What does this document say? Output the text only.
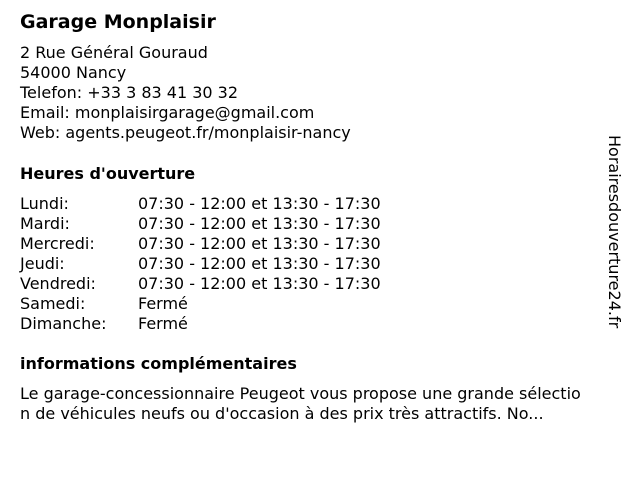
Garage Monplaisir
2 Rue Général Gouraud
54000 Nancy
Telefon: +33 3 83 41 30 32
Email: monplaisirgarage@gmail.com
Web: agents.peugeot.fr/monplaisir-nancy
Heures d'ouverture
Lundi:	07:30 - 12:00 et 13:30 - 17:30
Mardi:	07:30 - 12:00 et 13:30 - 17:30
Mercredi:	07:30 - 12:00 et 13:30 - 17:30
Jeudi:	07:30 - 12:00 et 13:30 - 17:30
Vendredi:	07:30 - 12:00 et 13:30 - 17:30
Samedi:	Fermé
Dimanche: Fermé
informations complémentaires
Le garage-concessionnaire Peugeot vous propose une grande sélectio
n de véhicules neufs ou d'occasion à des prix très attractifs. No...
Horairesdouverture24.fr
